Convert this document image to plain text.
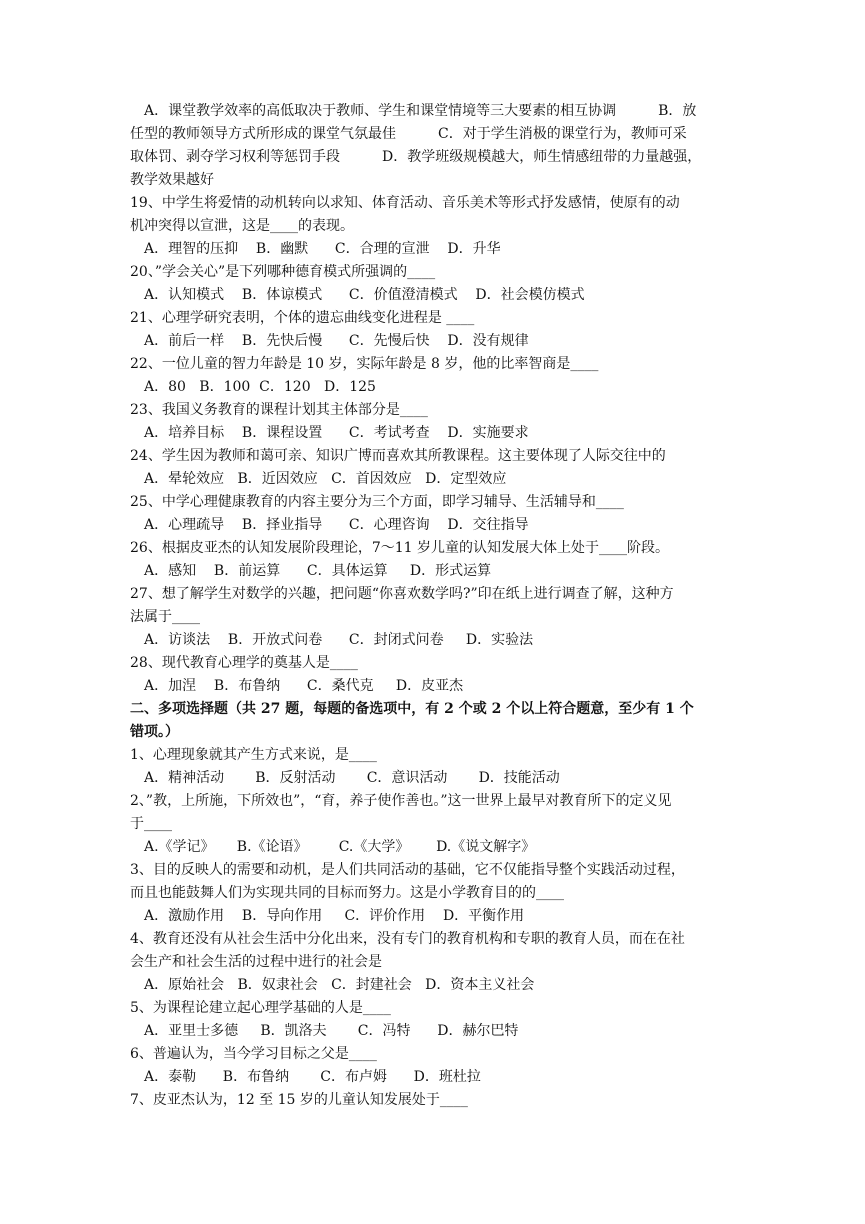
A．课堂教学效率的高低取决于教师、学生和课堂情境等三大要素的相互协调　　　B．放
任型的教师领导方式所形成的课堂气氛最佳　　　C．对于学生消极的课堂行为，教师可采
取体罚、剥夺学习权利等惩罚手段　　　D．教学班级规模越大，师生情感纽带的力量越强，
教学效果越好
19、中学生将爱情的动机转向以求知、体育活动、音乐美术等形式抒发感情，使原有的动
机冲突得以宣泄，这是____的表现。
A．理智的压抑    B．幽默      C．合理的宣泄    D．升华
20、”学会关心”是下列哪种德育模式所强调的____
A．认知模式    B．体谅模式      C．价值澄清模式    D．社会模仿模式
21、心理学研究表明，个体的遗忘曲线变化进程是 ____
A．前后一样    B．先快后慢      C．先慢后快    D．没有规律
22、一位儿童的智力年龄是 10 岁，实际年龄是 8 岁，他的比率智商是____
A．80   B．100  C．120   D．125
23、我国义务教育的课程计划其主体部分是____
A．培养目标    B．课程设置      C．考试考查    D．实施要求
24、学生因为教师和蔼可亲、知识广博而喜欢其所教课程。这主要体现了人际交往中的
A．晕轮效应   B．近因效应   C．首因效应   D．定型效应
25、中学心理健康教育的内容主要分为三个方面，即学习辅导、生活辅导和____
A．心理疏导    B．择业指导      C．心理咨询    D．交往指导
26、根据皮亚杰的认知发展阶段理论，7～11 岁儿童的认知发展大体上处于____阶段。
A．感知    B．前运算      C．具体运算     D．形式运算
27、想了解学生对数学的兴趣，把问题“你喜欢数学吗?”印在纸上进行调查了解，这种方
法属于____
A．访谈法    B．开放式问卷      C．封闭式问卷     D．实验法
28、现代教育心理学的奠基人是____
A．加涅    B．布鲁纳      C．桑代克     D．皮亚杰
二、多项选择题（共 27 题，每题的备选项中，有 2 个或 2 个以上符合题意，至少有 1 个
错项。）
1、心理现象就其产生方式来说，是____
A．精神活动       B．反射活动       C．意识活动       D．技能活动
2、”教，上所施，下所效也”，“育，养子使作善也。”这一世界上最早对教育所下的定义见
于____
A.《学记》     B.《论语》       C.《大学》      D.《说文解字》
3、目的反映人的需要和动机，是人们共同活动的基础，它不仅能指导整个实践活动过程，
而且也能鼓舞人们为实现共同的目标而努力。这是小学教育目的的____
A．激励作用    B．导向作用     C．评价作用    D．平衡作用
4、教育还没有从社会生活中分化出来，没有专门的教育机构和专职的教育人员，而在在社
会生产和社会生活的过程中进行的社会是
A．原始社会   B．奴隶社会   C．封建社会   D．资本主义社会
5、为课程论建立起心理学基础的人是____
A．亚里士多德     B．凯洛夫       C．冯特      D．赫尔巴特
6、普遍认为，当今学习目标之父是____
A．泰勒      B．布鲁纳       C．布卢姆      D．班杜拉
7、皮亚杰认为，12 至 15 岁的儿童认知发展处于____
